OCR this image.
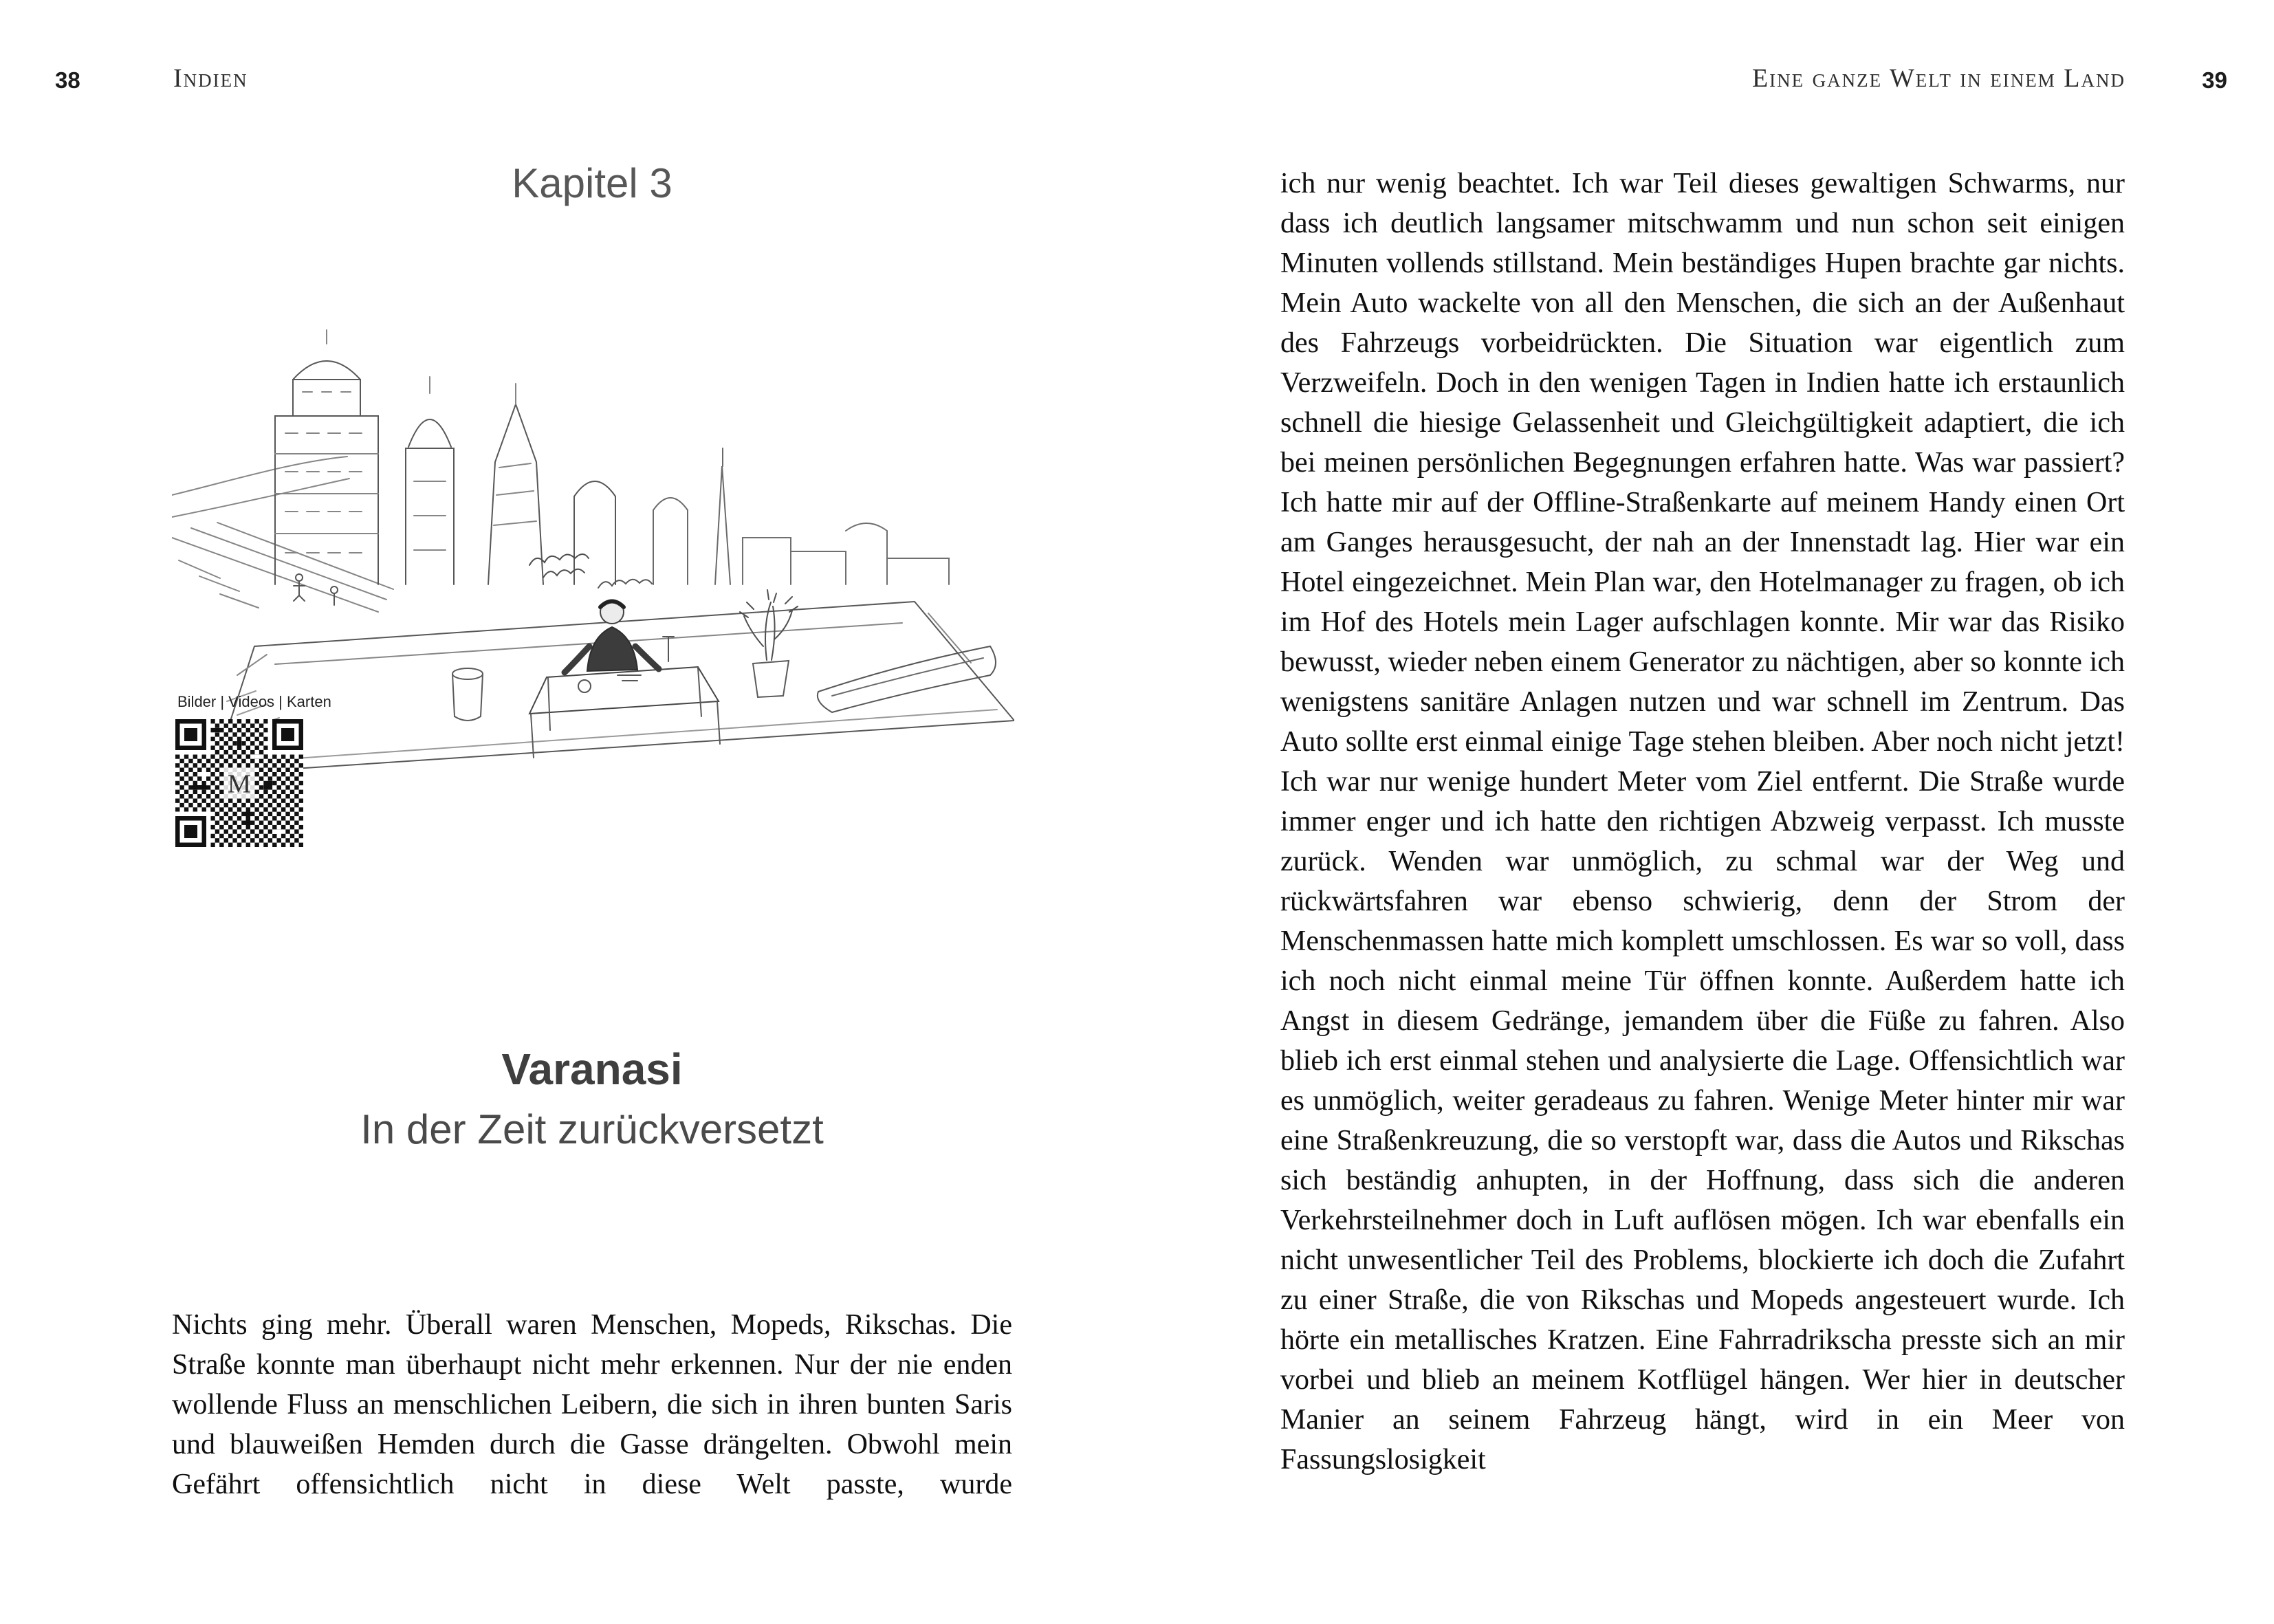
38	Indien	Eine ganze Welt in einem Land	39
Kapitel 3
Bilder | Videos | Karten
M
Varanasi
In der Zeit zurückversetzt

Nichts ging mehr. Überall waren Menschen, Mopeds, Rikschas. Die Straße konnte man überhaupt nicht mehr erkennen. Nur der nie enden wollende Fluss an menschlichen Leibern, die sich in ihren bunten Saris und blauweißen Hemden durch die Gasse drängelten. Obwohl mein Gefährt offensichtlich nicht in diese Welt passte, wurde

ich nur wenig beachtet. Ich war Teil dieses gewaltigen Schwarms, nur dass ich deutlich langsamer mitschwamm und nun schon seit einigen Minuten vollends stillstand. Mein beständiges Hupen brachte gar nichts. Mein Auto wackelte von all den Menschen, die sich an der Außenhaut des Fahrzeugs vorbeidrückten. Die Situation war eigentlich zum Verzweifeln. Doch in den wenigen Tagen in Indien hatte ich erstaunlich schnell die hiesige Gelassenheit und Gleichgültigkeit adaptiert, die ich bei meinen persönlichen Begegnungen erfahren hatte. Was war passiert? Ich hatte mir auf der Offline-Straßenkarte auf meinem Handy einen Ort am Ganges herausgesucht, der nah an der Innenstadt lag. Hier war ein Hotel eingezeichnet. Mein Plan war, den Hotelmanager zu fragen, ob ich im Hof des Hotels mein Lager aufschlagen konnte. Mir war das Risiko bewusst, wieder neben einem Generator zu nächtigen, aber so konnte ich wenigstens sanitäre Anlagen nutzen und war schnell im Zentrum. Das Auto sollte erst einmal einige Tage stehen bleiben. Aber noch nicht jetzt! Ich war nur wenige hundert Meter vom Ziel entfernt. Die Straße wurde immer enger und ich hatte den richtigen Abzweig verpasst. Ich musste zurück. Wenden war unmöglich, zu schmal war der Weg und rückwärtsfahren war ebenso schwierig, denn der Strom der Menschenmassen hatte mich komplett umschlossen. Es war so voll, dass ich noch nicht einmal meine Tür öffnen konnte. Außerdem hatte ich Angst in diesem Gedränge, jemandem über die Füße zu fahren. Also blieb ich erst einmal stehen und analysierte die Lage. Offensichtlich war es unmöglich, weiter geradeaus zu fahren. Wenige Meter hinter mir war eine Straßenkreuzung, die so verstopft war, dass die Autos und Rikschas sich beständig anhupten, in der Hoffnung, dass sich die anderen Verkehrsteilnehmer doch in Luft auflösen mögen. Ich war ebenfalls ein nicht unwesentlicher Teil des Problems, blockierte ich doch die Zufahrt zu einer Straße, die von Rikschas und Mopeds angesteuert wurde. Ich hörte ein metallisches Kratzen. Eine Fahrradrikscha presste sich an mir vorbei und blieb an meinem Kotflügel hängen. Wer hier in deutscher Manier an seinem Fahrzeug hängt, wird in ein Meer von Fassungslosigkeit
